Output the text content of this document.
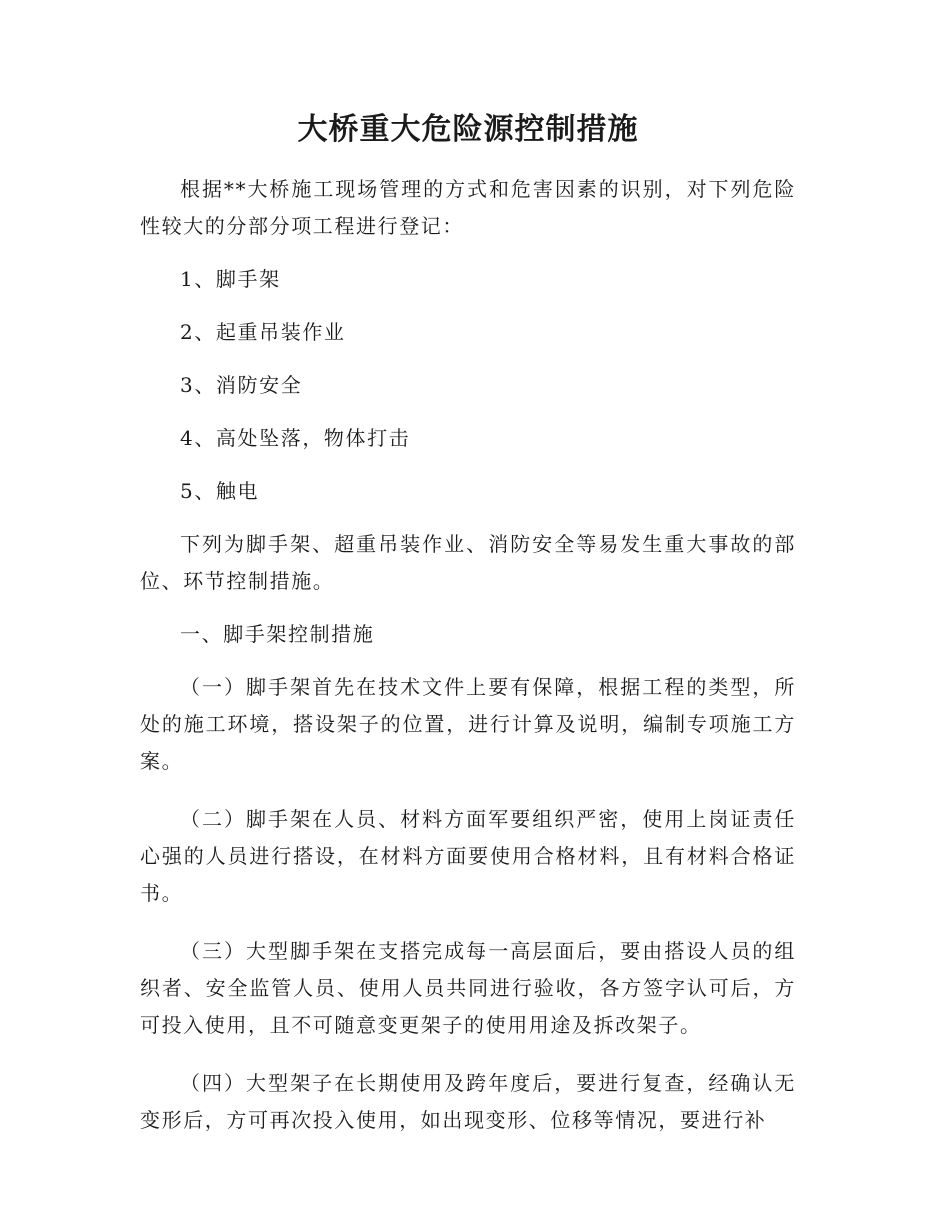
大桥重大危险源控制措施

根据**大桥施工现场管理的方式和危害因素的识别，对下列危险性较大的分部分项工程进行登记：

1、脚手架

2、起重吊装作业

3、消防安全

4、高处坠落，物体打击

5、触电

下列为脚手架、超重吊装作业、消防安全等易发生重大事故的部位、环节控制措施。

一、脚手架控制措施

（一）脚手架首先在技术文件上要有保障，根据工程的类型，所处的施工环境，搭设架子的位置，进行计算及说明，编制专项施工方案。

（二）脚手架在人员、材料方面军要组织严密，使用上岗证责任心强的人员进行搭设，在材料方面要使用合格材料，且有材料合格证书。

（三）大型脚手架在支搭完成每一高层面后，要由搭设人员的组织者、安全监管人员、使用人员共同进行验收，各方签字认可后，方可投入使用，且不可随意变更架子的使用用途及拆改架子。

（四）大型架子在长期使用及跨年度后，要进行复查，经确认无变形后，方可再次投入使用，如出现变形、位移等情况，要进行补
